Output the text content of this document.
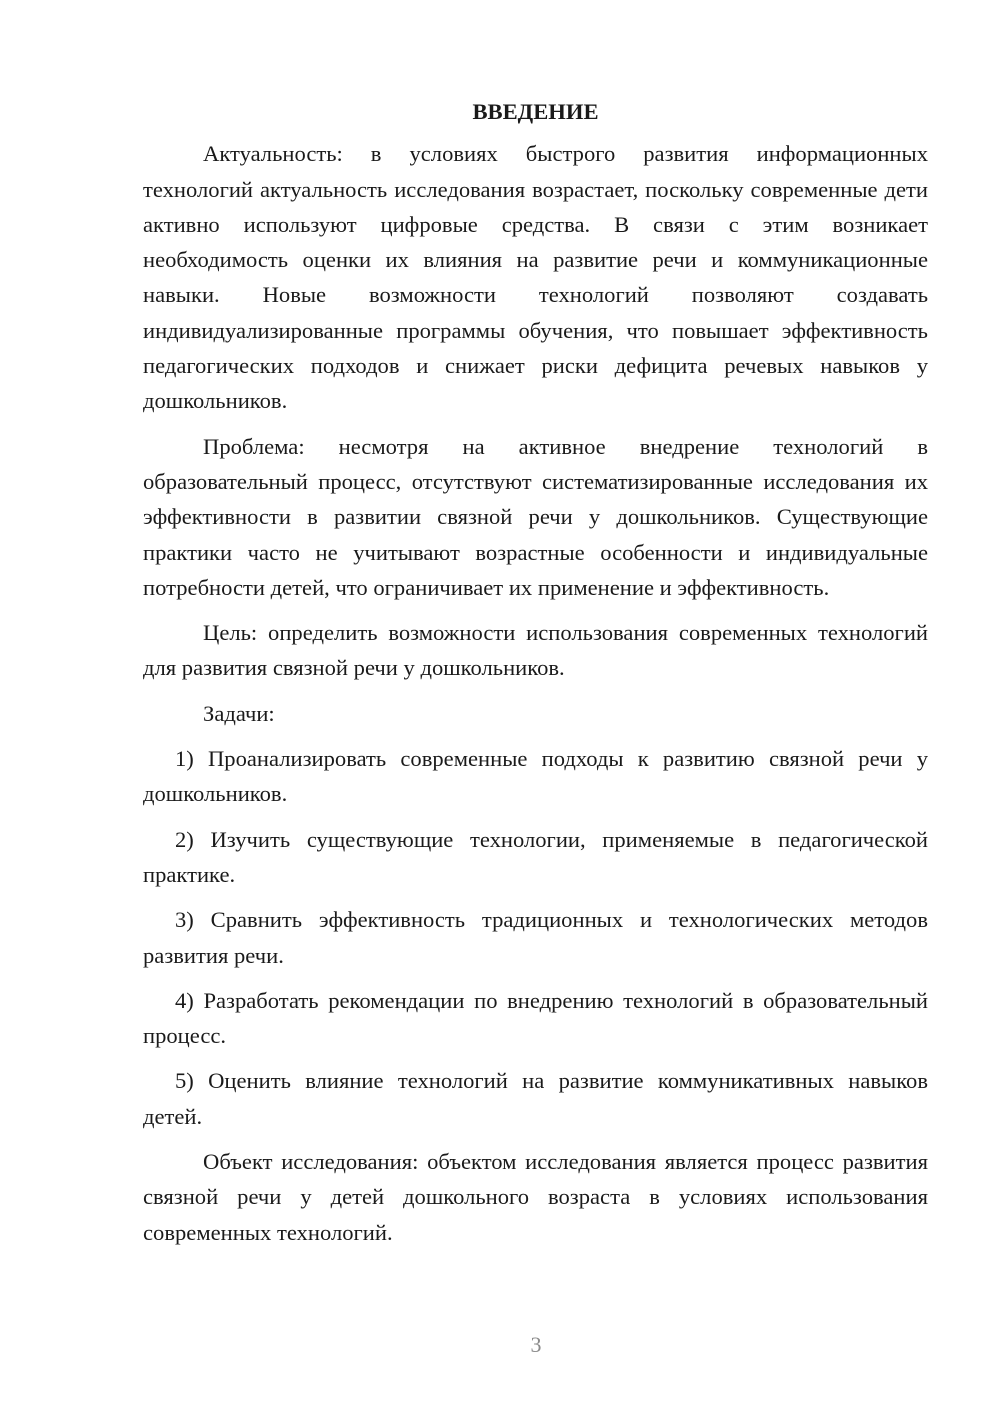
ВВЕДЕНИЕ

Актуальность: в условиях быстрого развития информационных технологий актуальность исследования возрастает, поскольку современные дети активно используют цифровые средства. В связи с этим возникает необходимость оценки их влияния на развитие речи и коммуникационные навыки. Новые возможности технологий позволяют создавать индивидуализированные программы обучения, что повышает эффективность педагогических подходов и снижает риски дефицита речевых навыков у дошкольников.

Проблема: несмотря на активное внедрение технологий в образовательный процесс, отсутствуют систематизированные исследования их эффективности в развитии связной речи у дошкольников. Существующие практики часто не учитывают возрастные особенности и индивидуальные потребности детей, что ограничивает их применение и эффективность.

Цель: определить возможности использования современных технологий для развития связной речи у дошкольников.

Задачи:

1) Проанализировать современные подходы к развитию связной речи у дошкольников.

2) Изучить существующие технологии, применяемые в педагогической практике.

3) Сравнить эффективность традиционных и технологических методов развития речи.

4) Разработать рекомендации по внедрению технологий в образовательный процесс.

5) Оценить влияние технологий на развитие коммуникативных навыков детей.

Объект исследования: объектом исследования является процесс развития связной речи у детей дошкольного возраста в условиях использования современных технологий.

3
